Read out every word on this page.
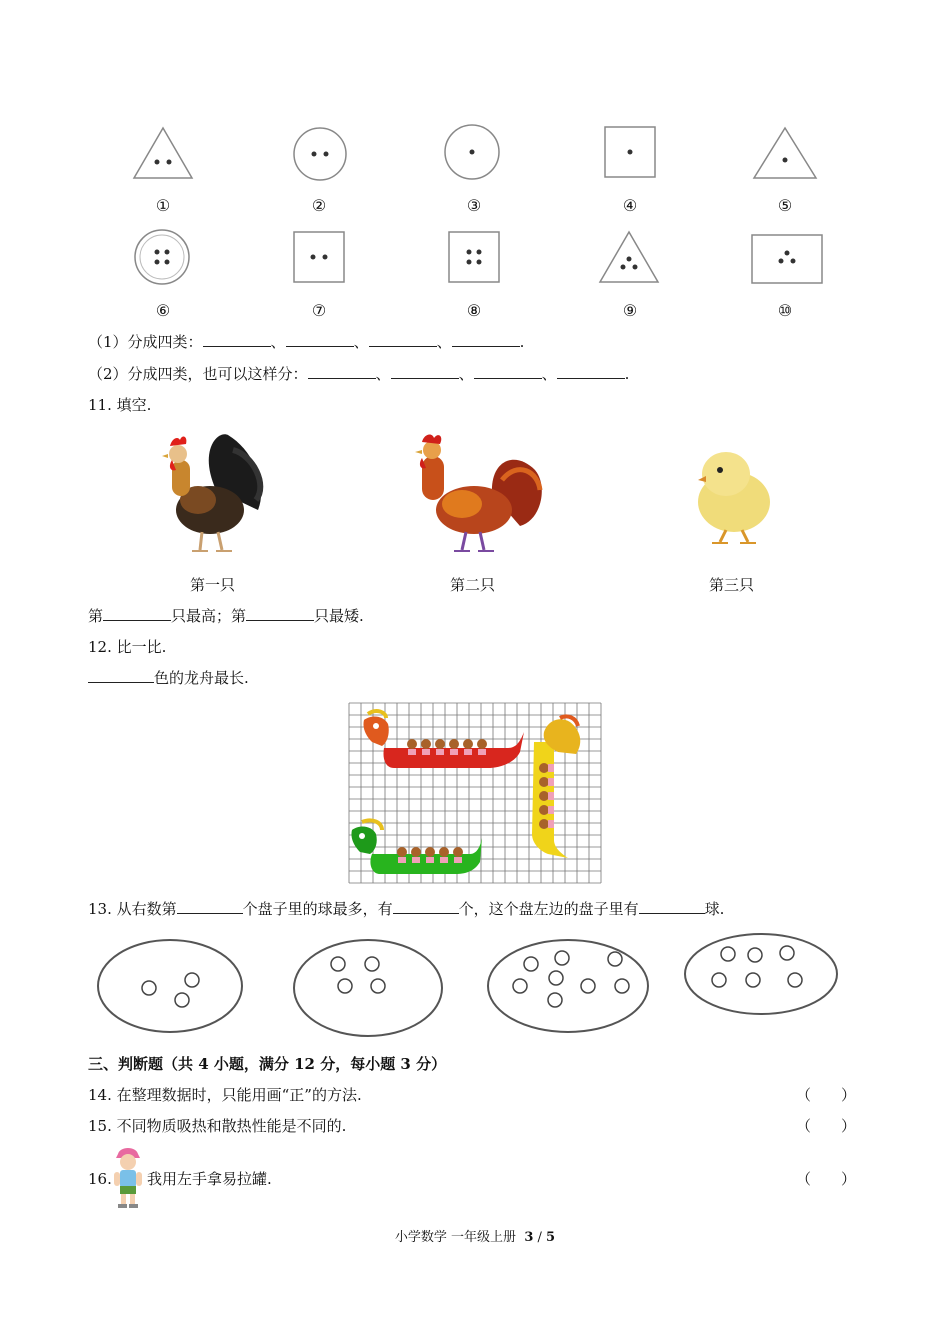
①	②	③	④	⑤
⑥	⑦	⑧	⑨	⑩
（1）分成四类：	、	、	、	.
（2）分成四类，也可以这样分：	、	、	、	.
11. 填空.
第一只	第二只	第三只
第	只最高；第	只最矮.
12. 比一比.
色的龙舟最长.
13. 从右数第	个盘子里的球最多，有	个，这个盘左边的盘子里有	球.
三、判断题（共 4 小题，满分 12 分，每小题 3 分）
14. 在整理数据时，只能用画“正”的方法.	（　　）
15. 不同物质吸热和散热性能是不同的.	（　　）
16. 我用左手拿易拉罐.	（　　）
小学数学 一年级上册 3 / 5
